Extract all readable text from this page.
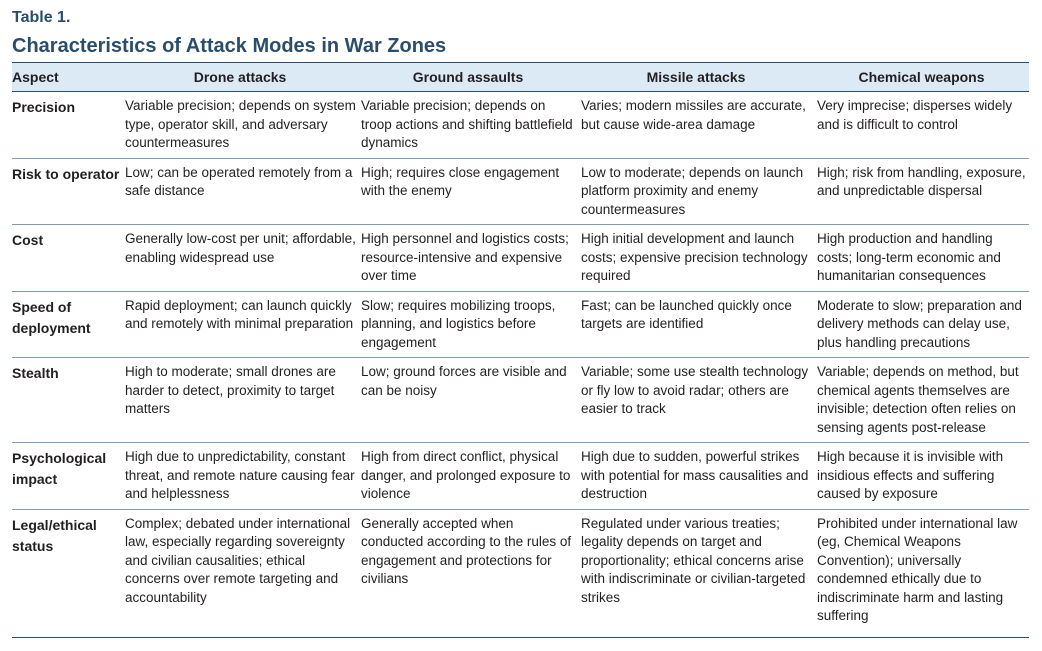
Table 1.
Characteristics of Attack Modes in War Zones
Aspect	Drone attacks	Ground assaults	Missile attacks	Chemical weapons
Precision	Variable precision; depends on system type, operator skill, and adversary countermeasures	Variable precision; depends on troop actions and shifting battlefield dynamics	Varies; modern missiles are accurate, but cause wide-area damage	Very imprecise; disperses widely and is difficult to control
Risk to operator	Low; can be operated remotely from a safe distance	High; requires close engagement with the enemy	Low to moderate; depends on launch platform proximity and enemy countermeasures	High; risk from handling, exposure, and unpredictable dispersal
Cost	Generally low-cost per unit; affordable, enabling widespread use	High personnel and logistics costs; resource-intensive and expensive over time	High initial development and launch costs; expensive precision technology required	High production and handling costs; long-term economic and humanitarian consequences
Speed of deployment	Rapid deployment; can launch quickly and remotely with minimal preparation	Slow; requires mobilizing troops, planning, and logistics before engagement	Fast; can be launched quickly once targets are identified	Moderate to slow; preparation and delivery methods can delay use, plus handling precautions
Stealth	High to moderate; small drones are harder to detect, proximity to target matters	Low; ground forces are visible and can be noisy	Variable; some use stealth technology or fly low to avoid radar; others are easier to track	Variable; depends on method, but chemical agents themselves are invisible; detection often relies on sensing agents post-release
Psychological impact	High due to unpredictability, constant threat, and remote nature causing fear and helplessness	High from direct conflict, physical danger, and prolonged exposure to violence	High due to sudden, powerful strikes with potential for mass causalities and destruction	High because it is invisible with insidious effects and suffering caused by exposure
Legal/ethical status	Complex; debated under international law, especially regarding sovereignty and civilian causalities; ethical concerns over remote targeting and accountability	Generally accepted when conducted according to the rules of engagement and protections for civilians	Regulated under various treaties; legality depends on target and proportionality; ethical concerns arise with indiscriminate or civilian-targeted strikes	Prohibited under international law (eg, Chemical Weapons Convention); universally condemned ethically due to indiscriminate harm and lasting suffering
